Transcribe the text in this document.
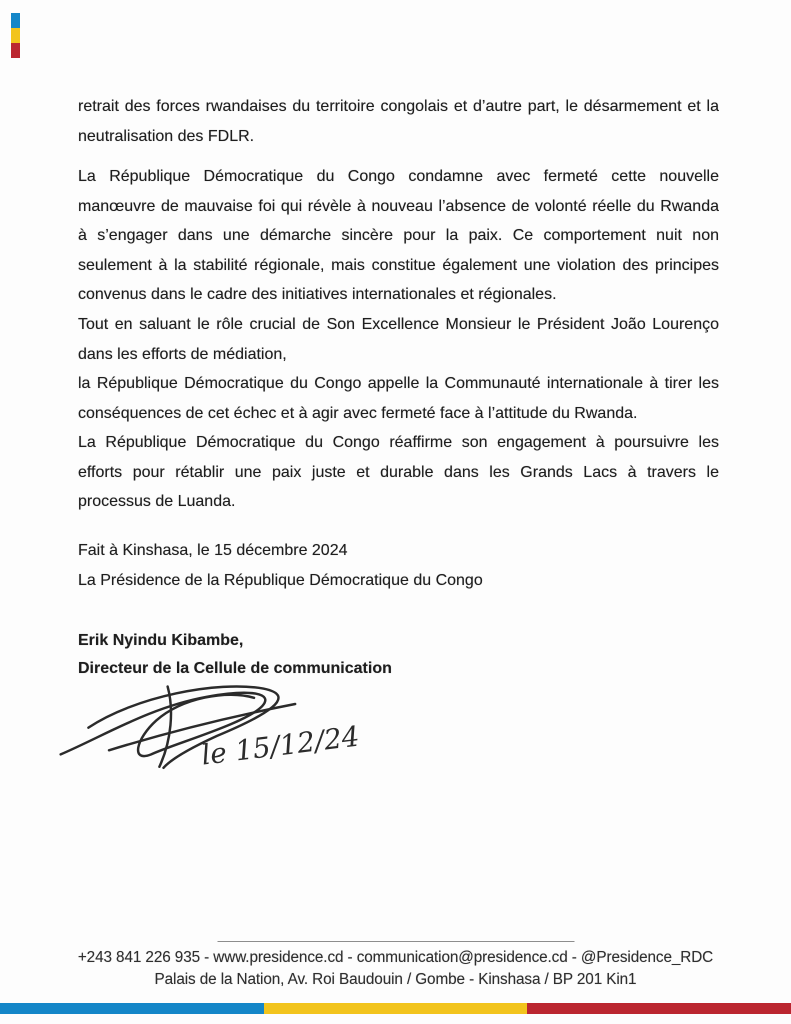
retrait des forces rwandaises du territoire congolais et d’autre part, le désarmement et la
neutralisation des FDLR.
La République Démocratique du Congo condamne avec fermeté cette nouvelle
manœuvre de mauvaise foi qui révèle à nouveau l’absence de volonté réelle du Rwanda
à s’engager dans une démarche sincère pour la paix. Ce comportement nuit non
seulement à la stabilité régionale, mais constitue également une violation des principes
convenus dans le cadre des initiatives internationales et régionales.
Tout en saluant le rôle crucial de Son Excellence Monsieur le Président João Lourenço
dans les efforts de médiation,
la République Démocratique du Congo appelle la Communauté internationale à tirer les
conséquences de cet échec et à agir avec fermeté face à l’attitude du Rwanda.
La République Démocratique du Congo réaffirme son engagement à poursuivre les
efforts pour rétablir une paix juste et durable dans les Grands Lacs à travers le
processus de Luanda.
Fait à Kinshasa, le 15 décembre 2024
La Présidence de la République Démocratique du Congo
Erik Nyindu Kibambe,
Directeur de la Cellule de communication
le 15/12/24
+243 841 226 935 - www.presidence.cd - communication@presidence.cd - @Presidence_RDC
Palais de la Nation, Av. Roi Baudouin / Gombe - Kinshasa / BP 201 Kin1
